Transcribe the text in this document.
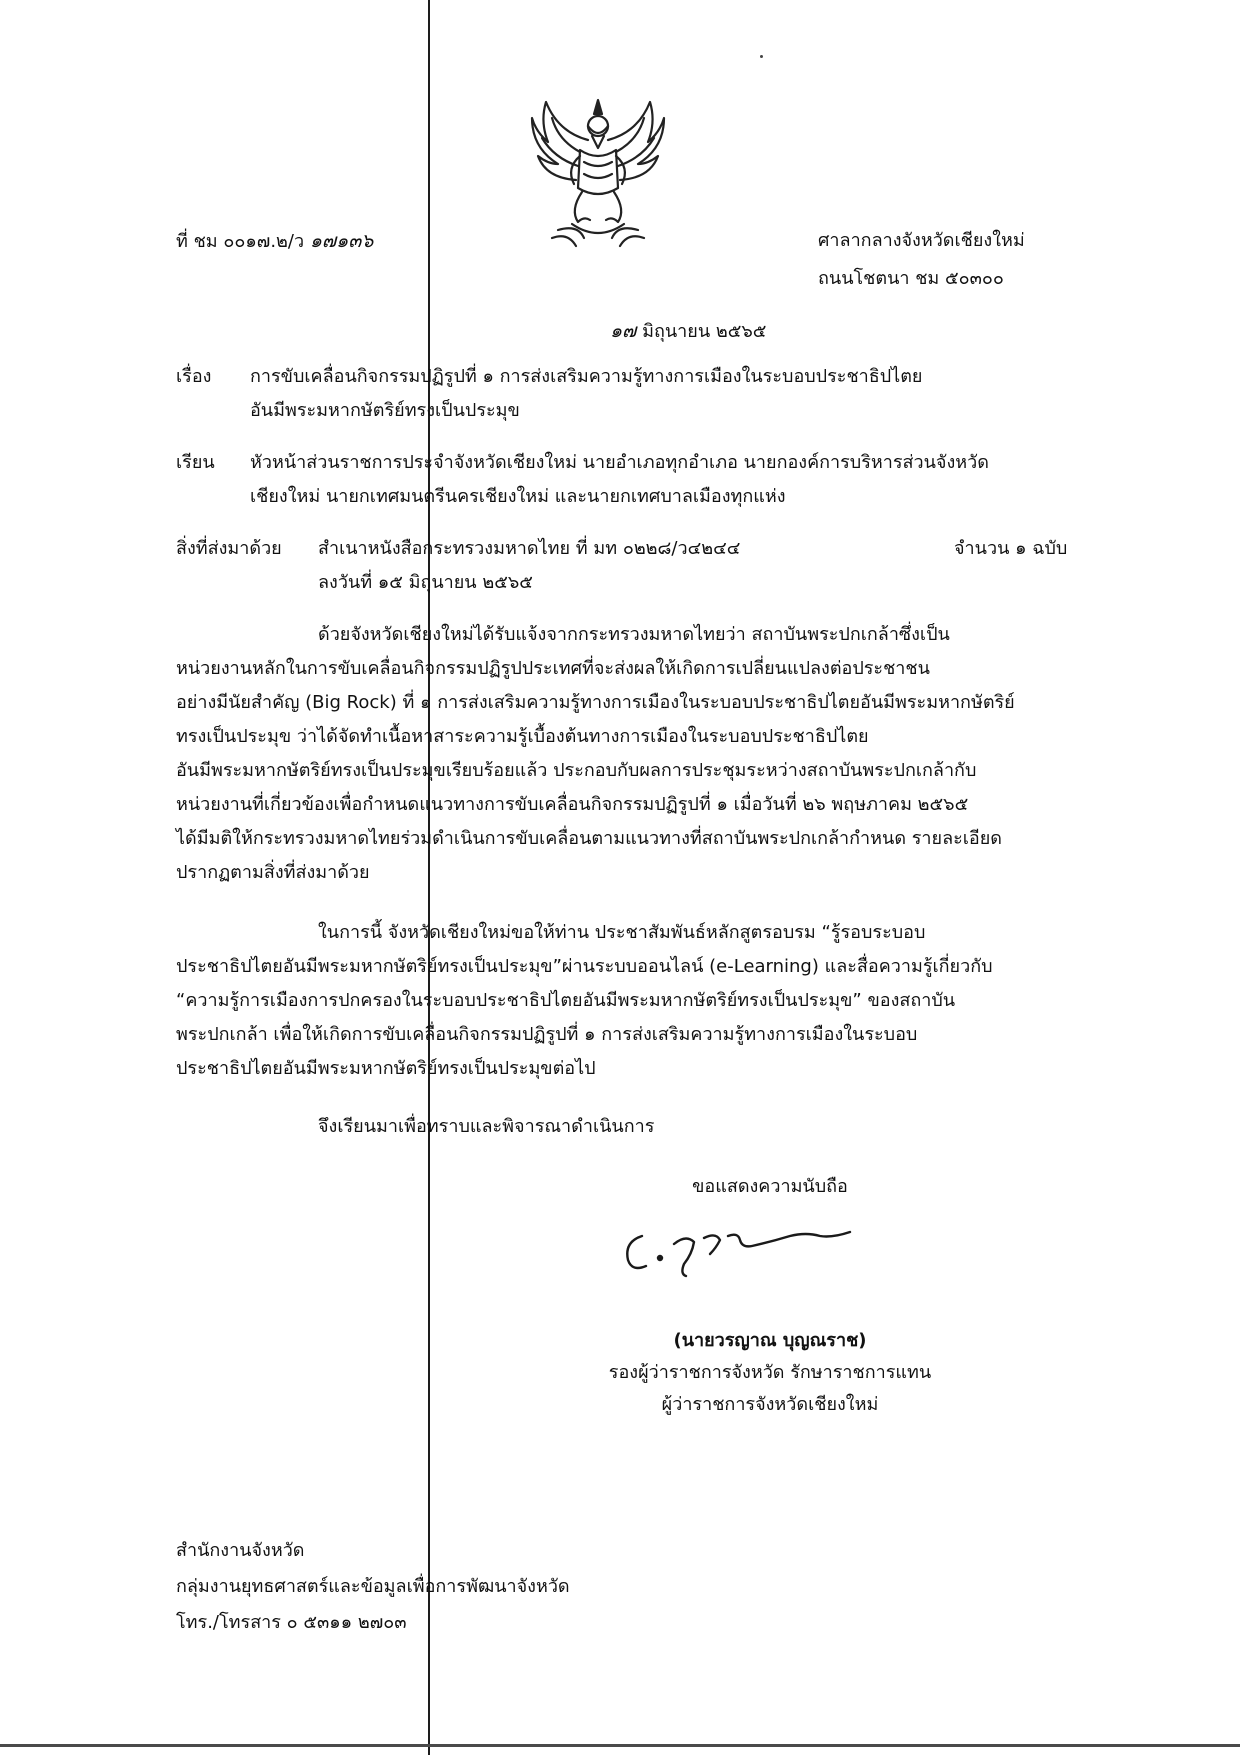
ที่ ชม ๐๐๑๗.๒/ว ๑๗๑๓๖	ศาลากลางจังหวัดเชียงใหม่
ถนนโชตนา ชม ๕๐๓๐๐
๑๗ มิถุนายน ๒๕๖๕
เรื่อง การขับเคลื่อนกิจกรรมปฏิรูปที่ ๑ การส่งเสริมความรู้ทางการเมืองในระบอบประชาธิปไตย
อันมีพระมหากษัตริย์ทรงเป็นประมุข
เรียน หัวหน้าส่วนราชการประจำจังหวัดเชียงใหม่ นายอำเภอทุกอำเภอ นายกองค์การบริหารส่วนจังหวัด
เชียงใหม่ นายกเทศมนตรีนครเชียงใหม่ และนายกเทศบาลเมืองทุกแห่ง
สิ่งที่ส่งมาด้วย สำเนาหนังสือกระทรวงมหาดไทย ที่ มท ๐๒๒๘/ว๔๒๔๔	จำนวน ๑ ฉบับ
ลงวันที่ ๑๕ มิถุนายน ๒๕๖๕
ด้วยจังหวัดเชียงใหม่ได้รับแจ้งจากกระทรวงมหาดไทยว่า สถาบันพระปกเกล้าซึ่งเป็น
หน่วยงานหลักในการขับเคลื่อนกิจกรรมปฏิรูปประเทศที่จะส่งผลให้เกิดการเปลี่ยนแปลงต่อประชาชน
อย่างมีนัยสำคัญ (Big Rock) ที่ ๑ การส่งเสริมความรู้ทางการเมืองในระบอบประชาธิปไตยอันมีพระมหากษัตริย์
ทรงเป็นประมุข ว่าได้จัดทำเนื้อหาสาระความรู้เบื้องต้นทางการเมืองในระบอบประชาธิปไตย
อันมีพระมหากษัตริย์ทรงเป็นประมุขเรียบร้อยแล้ว ประกอบกับผลการประชุมระหว่างสถาบันพระปกเกล้ากับ
หน่วยงานที่เกี่ยวข้องเพื่อกำหนดแนวทางการขับเคลื่อนกิจกรรมปฏิรูปที่ ๑ เมื่อวันที่ ๒๖ พฤษภาคม ๒๕๖๕
ได้มีมติให้กระทรวงมหาดไทยร่วมดำเนินการขับเคลื่อนตามแนวทางที่สถาบันพระปกเกล้ากำหนด รายละเอียด
ปรากฏตามสิ่งที่ส่งมาด้วย
ในการนี้ จังหวัดเชียงใหม่ขอให้ท่าน ประชาสัมพันธ์หลักสูตรอบรม “รู้รอบระบอบ
ประชาธิปไตยอันมีพระมหากษัตริย์ทรงเป็นประมุข”ผ่านระบบออนไลน์ (e-Learning) และสื่อความรู้เกี่ยวกับ
“ความรู้การเมืองการปกครองในระบอบประชาธิปไตยอันมีพระมหากษัตริย์ทรงเป็นประมุข” ของสถาบัน
พระปกเกล้า เพื่อให้เกิดการขับเคลื่อนกิจกรรมปฏิรูปที่ ๑ การส่งเสริมความรู้ทางการเมืองในระบอบ
ประชาธิปไตยอันมีพระมหากษัตริย์ทรงเป็นประมุขต่อไป
จึงเรียนมาเพื่อทราบและพิจารณาดำเนินการ
ขอแสดงความนับถือ
(นายวรญาณ บุญณราช)
รองผู้ว่าราชการจังหวัด รักษาราชการแทน
ผู้ว่าราชการจังหวัดเชียงใหม่
สำนักงานจังหวัด
กลุ่มงานยุทธศาสตร์และข้อมูลเพื่อการพัฒนาจังหวัด
โทร./โทรสาร ๐ ๕๓๑๑ ๒๗๐๓
